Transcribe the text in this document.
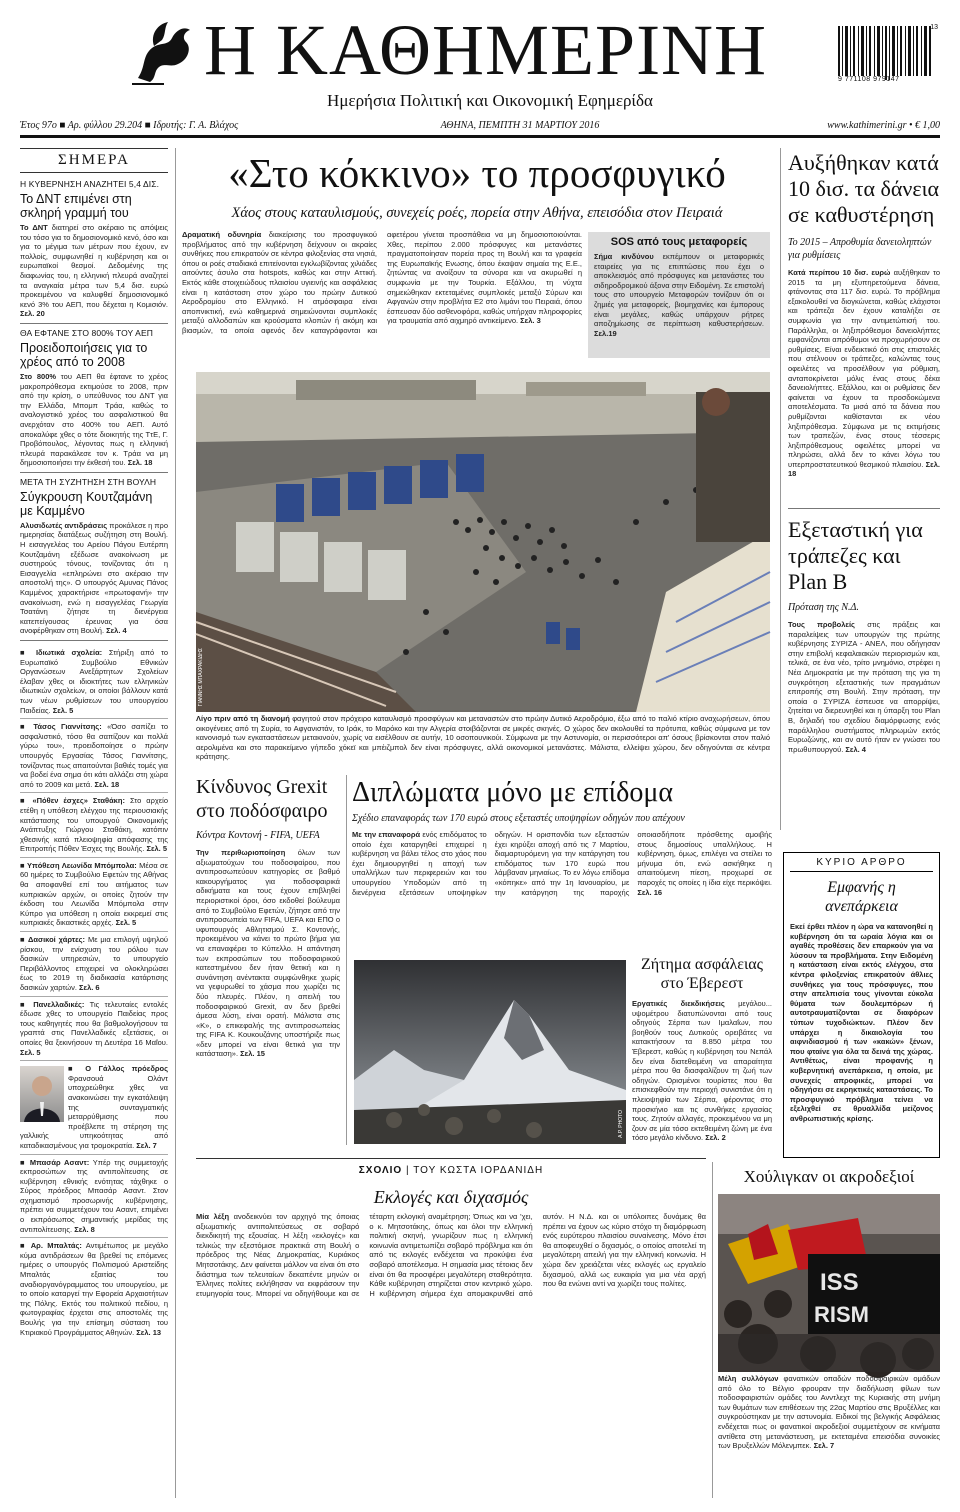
Η ΚΑΘΗΜΕΡΙΝΗ
Ημερήσια Πολιτική και Οικονομική Εφημερίδα
9 771108 979147
13
Έτος 97ο ■ Αρ. φύλλου 29.204 ■ Ιδρυτής: Γ. Α. Βλάχος	ΑΘΗΝΑ, ΠΕΜΠΤΗ 31 ΜΑΡΤΙΟΥ 2016	www.kathimerini.gr • € 1,00
ΣΗΜΕΡΑ
Η ΚΥΒΕΡΝΗΣΗ ΑΝΑΖΗΤΕΙ 5,4 ΔΙΣ.
Το ΔΝΤ επιμένει στη σκληρή γραμμή του
Το ΔΝΤ διατηρεί στο ακέραιο τις απόψεις του τόσο για το δημοσιονομικό κενό, όσο και για το μέγιμα των μέτρων που έχουν, εν πολλοίς, συμφωνηθεί η κυβέρνηση και οι ευρωπαϊκοί θεσμοί. Δεδομένης της διαφωνίας του, η ελληνική πλευρά αναζητεί τα αναγκαία μέτρα των 5,4 δισ. ευρώ προκειμένου να καλυφθεί δημοσιονομικό κενό 3% του ΑΕΠ, που δέχεται η Κομισιόν. Σελ. 20
ΘΑ ΕΦΤΑΝΕ ΣΤΟ 800% ΤΟΥ ΑΕΠ
Προειδοποιήσεις για το χρέος από το 2008
Στο 800% του ΑΕΠ θα έφτανε το χρέος μακροπρόθεσμα εκτιμούσε το 2008, πριν από την κρίση, ο υπεύθυνος του ΔΝΤ για την Ελλάδα, Μπομπ Τράα, καθώς το αναλογιστικό χρέος του ασφαλιστικού θα ανερχόταν στο 400% του ΑΕΠ. Αυτό αποκαλύφε χθες ο τότε διοικητής της ΤτΕ, Γ. Προβόπουλος, λέγοντας πως η ελληνική πλευρά παρακάλεσε τον κ. Τράα να μη δημοσιοποιήσει την έκθεσή του. Σελ. 18
ΜΕΤΑ ΤΗ ΣΥΖΗΤΗΣΗ ΣΤΗ ΒΟΥΛΗ
Σύγκρουση Κουτζαμάνη με Καμμένο
Αλυσιδωτές αντιδράσεις προκάλεσε η προ ημερησίας διατάξεως συζήτηση στη Βουλή. Η εισαγγελέας του Αρείου Πάγου Ευτέρπη Κουτζαμάνη εξέδωσε ανακοίνωση με συστηρούς τόνους, τονίζοντας ότι η Εισαγγελία «επληρώνει στο ακέραιο την αποστολή της». Ο υπουργός Αμυνας Πάνος Καμμένος χαρακτήρισε «πρωτοφανή» την ανακοίνωση, ενώ η εισαγγελέας Γεωργία Τσατάνη ζήτησε τη διενέργεια κατεπείγουσας έρευνας για όσα ανοφέρθηκαν στη Βουλή. Σελ. 4
■ Ιδιωτικά σχολεία: Στήριξη από το Ευρωπαϊκό Συμβούλιο Εθνικών Οργανώσεων Ανεξάρτητων Σχολείων έλαβαν χθες οι ιδιοκτήτες των ελληνικών ιδιωτικών σχολείων, οι οποίοι βάλλουν κατά των νέων ρυθμίσεων του υπουργείου Παιδείας. Σελ. 5
■ Τάσος Γιαννίτσης: «Όσο σαπίζει το ασφαλιστικό, τόσο θα σαπίζουν και πολλά γύρω του», προειδοποίησε ο πρώην υπουργός Εργασίας Τάσος Γιαννίτσης, τονίζοντας πως απαιτούνται βαθιές τομές για να βοδεί ένα σημα ότι κάτι αλλάζει στη χώρα από το 2009 και μετά. Σελ. 18
■ «Πόθεν έσχες» Σταθάκη: Στο αρχείο ετέθη η υπόθεση ελέγχου της περιουσιακής κατάστασης του υπουργού Οικονομικής Ανάπτυξης Γιώργου Σταθάκη, κατόπιν χθεσινής κατά πλειοψηφία απόφασης της Επιτροπής Πόθεν Έσχες της Βουλής. Σελ. 5
■ Υπόθεση Λεωνίδα Μπόμπολα: Μέσα σε 60 ημέρες το Συμβούλιο Εφετών της Αθήνας θα αποφανθεί επί του αιτήματος των κυπριακών αρχών, οι οποίες ζητούν την έκδοση του Λεωνίδα Μπόμπολα στην Κύπρο για υπόθεση η οποία εκκρεμεί στις κυπριακές δικαστικές αρχές. Σελ. 5
■ Δασικοί χάρτες: Με μια επιλογή υψηλού ρίσκου, την ενίσχυση του ρόλου των δασικών υπηρεσιών, το υπουργείο Περιβάλλοντος επιχειρεί να ολοκληρώσει έως το 2019 τη διαδικασία κατάρτισης δασικών χαρτών. Σελ. 6
■ Πανελλαδικές: Τις τελευταίες εντολές έδωσε χθες το υπουργείο Παιδείας προς τους καθηγητές που θα βαθμολογήσουν τα γραπτά στις Πανελλαδικές εξετάσεις, οι οποίες θα ξεκινήσουν τη Δευτέρα 16 Μαΐου. Σελ. 5
■ Ο Γάλλος πρόεδρος Φρανσουά Ολάντ υποχρεώθηκε χθες να ανακοινώσει την εγκατάλειψη της συνταγματικής μεταρρύθμισης που προέβλεπε τη στέρηση της γαλλικής υπηκοότητας από καταδικασμένους για τρομοκρατία. Σελ. 7
■ Μπασάρ Ασαντ: Υπέρ της συμμετοχής εκπροσώπων της αντιπολίτευσης σε κυβέρνηση εθνικής ενότητας τάχθηκε ο Σύρος πρόεδρος Μπασάρ Ασαντ. Στον σχηματισμό προσωρινής κυβέρνησης, πρέπει να συμμετέχουν του Ασαντ, επιμένει ο εκπρόσωπος σημαντικής μερίδας της αντιπολίτευσης. Σελ. 8
■ Αρ. Μπαλτάς: Αντιμέτωπος με μεγάλο κύμα αντιδράσεων θα βρεθεί τις επόμενες ημέρες ο υπουργός Πολιτισμού Αριστείδης Μπαλτάς εξαιτίας του αναδιοργανόγραμματος του υπουργείου, με το οποίο καταργεί την Εφορεία Αρχαιοτήτων της Πόλης. Εκτός του πολιτικού πεδίου, η φωτογραφίας έρχεται στις αποστολές της Βουλής για την επίσημη σύσταση του Κτιριακού Προγράμματος Αθηνών. Σελ. 13
«Στο κόκκινο» το προσφυγικό
Χάος στους καταυλισμούς, συνεχείς ροές, πορεία στην Αθήνα, επεισόδια στον Πειραιά
Δραματική οδυνηρία διακείρισης του προσφυγικού προβλήματος από την κυβέρνηση δείχνουν οι ακραίες συνθήκες που επικρατούν σε κέντρα φιλοξενίας στα νησιά, όπου οι ροές σταδιακά επιτείνονται εγκλωβίζοντας χιλιάδες αιτούντες άσυλο στα hotspots, καθώς και στην Αττική. Εκτός κάθε στοιχειώδους πλαισίου υγιεινής και ασφάλειας είναι η κατάσταση στον χώρο του πρώην Δυτικού Αεροδρομίου στο Ελληνικό. Η ατμόσφαιρα είναι αποπνικτική, ενώ καθημερινά σημειώνονται συμπλοκές μεταξύ αλλοδαπών και κρούσματα κλοπών ή ακόμη και βιασμών, τα οποία αφενός δεν καταγράφονται και αφετέρου γίνεται προσπάθεια να μη δημοσιοποιούνται. Χθες, περίπου 2.000 πρόσφυγες και μετανάστες πραγματοποίησαν πορεία προς τη Βουλή και τα γραφεία της Ευρωπαϊκής Ενωσης, όπου έκαψαν σημαία της Ε.Ε., ζητώντας να ανοίξουν τα σύνορα και να ακυρωθεί η συμφωνία με την Τουρκία. Εξάλλου, τη νύχτα σημειώθηκαν εκτεταμένες συμπλοκές μεταξύ Σύρων και Αφγανών στην προβλήτα Ε2 στο λιμάνι του Πειραιά, όπου έσπευσαν δύο ασθενοφόρα, καθώς υπήρχαν πληροφορίες για τραυματία από αιχμηρό αντικείμενο. Σελ. 3
SOS από τους μεταφορείς
Σήμα κινδύνου εκπέμπουν οι μεταφορικές εταιρείες για τις επιπτώσεις που έχει ο αποκλεισμός από πρόσφυγες και μετανάστες του σιδηροδρομικού άξονα στην Ειδομένη. Σε επιστολή τους στο υπουργείο Μεταφορών τονίζουν ότι οι ζημιές για μεταφορείς, βιομηχανίες και έμπορους είναι μεγάλες, καθώς υπάρχουν ρήτρες αποζημίωσης σε περίπτωση καθυστερήσεων. Σελ.19
ΓΙΑΝΝΗΣ ΜΠΑΧΡΑΚΙΔΗΣ
Λίγο πριν από τη διανομή φαγητού στον πρόχειρο καταυλισμό προσφύγων και μεταναστών στο πρώην Δυτικό Αεροδρόμιο, έξω από το παλιό κτίριο αναχωρήσεων, όπου οικογένειες από τη Συρία, το Αφγανιστάν, το Ιράκ, το Μαρόκο και την Αλγερία στοιβάζονται σε μικρές σκηνές. Ο χώρος δεν ακολουθεί τα πρότυπα, καθώς σύμφωνα με τον κανονισμό των εγκαταστάσεων μετακινούν, χωρίς να εισέλθουν σε αυτήν, 10 οσοπουνικούι. Σύμφωνα με την Αστυνομία, οι περισσότεροι απ' όσους βρίσκονται στον παλιό αερολιμένα και στο παρακείμενο γήπεδο χόκεϊ και μπέιζμπολ δεν είναι πρόσφυγες, αλλά οικονομικοί μετανάστες. Μάλιστα, ελλείψει χώρου, δεν οδηγούνται σε κέντρα κράτησης.
Αυξήθηκαν κατά 10 δισ. τα δάνεια σε καθυστέρηση
Το 2015 – Απροθυμία δανειοληπτών για ρυθμίσεις
Κατά περίπου 10 δισ. ευρώ αυξήθηκαν το 2015 τα μη εξυπηρετούμενα δάνεια, φτάνοντας στα 117 δισ. ευρώ. Το πρόβλημα εξακολουθεί να διογκώνεται, καθώς ελάχιστοι και τράπεζα δεν έχουν καταλήξει σε συμφωνία για την αντιμετώπισή του. Παράλληλα, οι ληξιπρόθεσμοι δανειολήπτες εμφανίζονται απρόθυμοι να προχωρήσουν σε ρυθμίσεις. Είναι ενδεικτικό ότι στις επιστολές που στέλνουν οι τράπεζες, καλώντας τους οφειλέτες να προσέλθουν για ρύθμιση, ανταποκρίνεται μόλις ένας στους δέκα δανειολήπτες. Εξάλλου, και οι ρυθμίσεις δεν φαίνεται να έχουν τα προσδοκώμενα αποτελέσματα. Τα μισά από τα δάνεια που ρυθμίζονται καθίστανται εκ νέου ληξιπρόθεσμα. Σύμφωνα με τις εκτιμήσεις των τραπεζών, ένας στους τέσσερις ληξιπρόθεσμους οφειλέτες μπορεί να πληρώσει, αλλά δεν το κάνει λόγω του υπερπροστατευτικού θεσμικού πλαισίου. Σελ. 18
Εξεταστική για τράπεζες και Plan B
Πρόταση της Ν.Δ.
Τους προβολείς στις πράξεις και παραλείψεις των υπουργών της πρώτης κυβέρνησης ΣΥΡΙΖΑ - ΑΝΕΛ, που οδήγησαν στην επιβολή κεφαλαιακών περιορισμών και, τελικά, σε ένα νέο, τρίτο μνημόνιο, στρέφει η Νέα Δημοκρατία με την πρόταση της για τη συγκρότηση εξεταστικής των πραγμάτων επιτροπής στη Βουλή. Στην πρόταση, την οποία ο ΣΥΡΙΖΑ έσπευσε να απορρίψει, ζητείται να διερευνηθεί και η ύπαρξη του Plan B, δηλαδή του σχεδίου διαμόρφωσης ενός παράλληλου συστήματος πληρωμών εκτός Ευρωζώνης, και αν αυτό ήταν εν γνώσει του πρωθυπουργού. Σελ. 4
ΚΥΡΙΟ ΑΡΘΡΟ
Εμφανής η ανεπάρκεια
Εκεί έρθει πλέον η ώρα να κατανοηθεί η κυβέρνηση ότι τα ωραία λόγια και οι αγαθές προθέσεις δεν επαρκούν για να λύσουν τα προβλήματα. Στην Ειδομένη η κατάσταση είναι εκτός ελέγχου, στα κέντρα φιλοξενίας επικρατούν άθλιες συνθήκες για τους πρόσφυγες, που στην απελπισία τους γίνονται εύκολα θύματα των δουλεμπόρων ή αυτοτραυματίζονται σε διαφόρων τύπων τυχοδιώκτων. Πλέον δεν υπάρχει η δικαιολογία του αιφνιδιασμού ή των «κακών» ξένων, που φταίνε για όλα τα δεινά της χώρας. Αντιθέτως, είναι προφανής η κυβερνητική ανεπάρκεια, η οποία, με συνεχείς απροφικές, μπορεί να οδηγήσει σε εκρηκτικές καταστάσεις. Το προσφυγικό πρόβλημα τείνει να εξελιχθεί σε θρυαλλίδα μείζονος ανθρωπιστικής κρίσης.
Κίνδυνος Grexit στο ποδόσφαιρο
Κόντρα Κοντονή - FIFA, UEFA
Την περιθωριοποίηση όλων των αξιωματούχων του ποδοσφαίρου, που αντιπροσωπεύουν κατηγορίες σε βαθμό κακουργήματος για ποδοσφαιρικά αδικήματα και τους έχουν επιβληθεί περιοριστικοί όροι, όσο εκδοθεί βούλευμα από το Συμβούλιο Εφετών, ζήτησε από την αντιπροσωπεία των FIFA, UEFA και ΕΠΟ ο υφυπουργός Αθλητισμού Σ. Κοντονής, προκειμένου να κάνει το πρώτο βήμα για να επαναφέρει το Κύπελλο. Η απάντηση των εκπροσώπων του ποδοσφαιρικού κατεστημένου δεν ήταν θετική και η συνάντηση ανέντακτα συμφώνθηκε χωρίς να γεφυρωθεί το χάσμα που χωρίζει τις δύο πλευρές. Πλέον, η απειλή του ποδοσφαιρικού Grexit, αν δεν βρεθεί άμεσα λύση, είναι ορατή. Μάλιστα στις «Κ», ο επικεφαλής της αντιπροσωπείας της FIFA Κ. Κουκουζάνης υποστήριξε πως «δεν μπορεί να είναι θετικά για την κατάσταση». Σελ. 15
Διπλώματα μόνο με επίδομα
Σχέδιο επαναφοράς των 170 ευρώ στους εξεταστές υποψηφίων οδηγών που απέχουν
Με την επαναφορά ενός επιδόματος το οποίο έχει καταργηθεί επιχειρεί η κυβέρνηση να βάλει τέλος στο χάος που έχει δημιουργηθεί η αποχή των υπαλλήλων των περιφερειών και του υπουργείου Υποδομών από τη διενέργεια εξετάσεων υποψηφίων οδηγών. Η ορισπονδία των εξεταστών έχει κηρύξει αποχή από τις 7 Μαρτίου, διαμαρτυρόμενη για την κατάργηση του επιδόματος των 170 ευρώ που λάμβαναν μηνιαίως. Το εν λόγω επίδομα «κόπηκε» από την 1η Ιανουαρίου, με την κατάργηση της παροχής οποιασδήποτε πρόσθετης αμοιβής στους δημοσίους υπαλλήλους. Η κυβέρνηση, όμως, επιλέγει να στείλει το μήνυμα ότι, ενώ ασκήθηκε η απαιτούμενη πίεση, προχωρεί σε παροχές τις οποίες η ίδια είχε περικόψει. Σελ. 16
A.P. PHOTO
Ζήτημα ασφάλειας στο Έβερεστ
Εργατικές διεκδικήσεις μεγάλου... υψομέτρου διατυπώνονται από τους οδηγούς Σέρπα των Ιμαλαΐων, που βοηθούν τους Δυτικούς ορειβάτες να κατακτήσουν τα 8.850 μέτρα του Έβερεστ, καθώς η κυβέρνηση του Νεπάλ δεν είναι διατεθειμένη να απαραίτητα μέτρα που θα διασφαλίζουν τη ζωή των οδηγών. Ορισμένοι τουρίστες που θα επισκεφθούν την περιοχή συνιστάνε ότι η πλειοψηφία των Σέρπα, φέροντας στο προσκήνιο και τις συνθήκες εργασίας τους. Ζητούν αλλαγές, προκειμένου να μη ζουν σε μία τόσο εκτεθειμένη ζώνη με ένα τόσο μεγάλο κίνδυνο. Σελ. 2
ΣΧΟΛΙΟ | ΤΟΥ ΚΩΣΤΑ ΙΟΡΔΑΝΙΔΗ
Εκλογές και διχασμός
Μία λέξη ανοδεικνύει τον αρχηγό της όποιας αξιωματικής αντιπολιτεύσεως σε σοβαρό διεκδικητή της εξουσίας. Η λέξη «εκλογές» και τελικώς την εξεστόμισε πρακτικά στη Βουλή ο πρόεδρος της Νέας Δημοκρατίας, Κυριάκος Μητσοτάκης. Δεν φαίνεται μάλλον να είναι ότι στο διάστημα των τελευταίων δεκαπέντε μηνών οι Έλληνες πολίτες εκλήθησαν να εκφράσουν την ετυμηγορία τους. Μπορεί να οδηγήθουμε και σε τέταρτη εκλογική αναμέτρηση; Όπως και να 'χει, ο κ. Μητσοτάκης, όπως και όλοι την ελληνική πολιτική σκηνή, γνωρίζουν πως η ελληνική κοινωνία αντιμετωπίζει σοβαρό πρόβλημα και ότι από τις εκλογές ενδέχεται να προκύψει ένα σοβαρό αποτέλεσμα. Η σημασία μιας τέτοιας δεν είναι ότι θα προσφέρει μεγαλύτερη σταθερότητα. Κάθε κυβέρνηση στηρίζεται στον κεντρικό χώρο. Η κυβέρνηση σήμερα έχει απομακρυνθεί από αυτόν. Η Ν.Δ. και οι υπόλοιπες δυνάμεις θα πρέπει να έχουν ως κύριο στόχο τη διαμόρφωση ενός ευρύτερου πλαισίου συναίνεσης. Μόνο έτσι θα αποφευχθεί ο διχασμός, ο οποίος αποτελεί τη μεγαλύτερη απειλή για την ελληνική κοινωνία. Η χώρα δεν χρειάζεται νέες εκλογές ως εργαλείο διχασμού, αλλά ως ευκαιρία για μια νέα αρχή που θα ενώνει αντί να χωρίζει τους πολίτες.
Χούλιγκαν οι ακροδεξιοί
ISS
RISM
Μέλη συλλόγων φανατικών οπαδών ποδοσφαιρικών ομάδων από όλο το Βέλγιο φρουραν την διαδήλωση φίλων των ποδοσφαιριστών ομάδες του Ανντλεχτ της Κυριακής στη μνήμη των θυμάτων των επιθέσεων της 22ας Μαρτίου στις Βρυξέλλες και συγκρούστηκαν με την αστυνομία. Ειδικοί της βελγικής Ασφάλειας ενδέχεται πως οι φανατικοί ακροδεξιοί συμμετέχουν σε κινήματα αντίθετα στη μετανάστευση, με εκτεταμένα επεισόδια συνοικίες των Βρυξελλών Μόλενμπεκ. Σελ. 7
